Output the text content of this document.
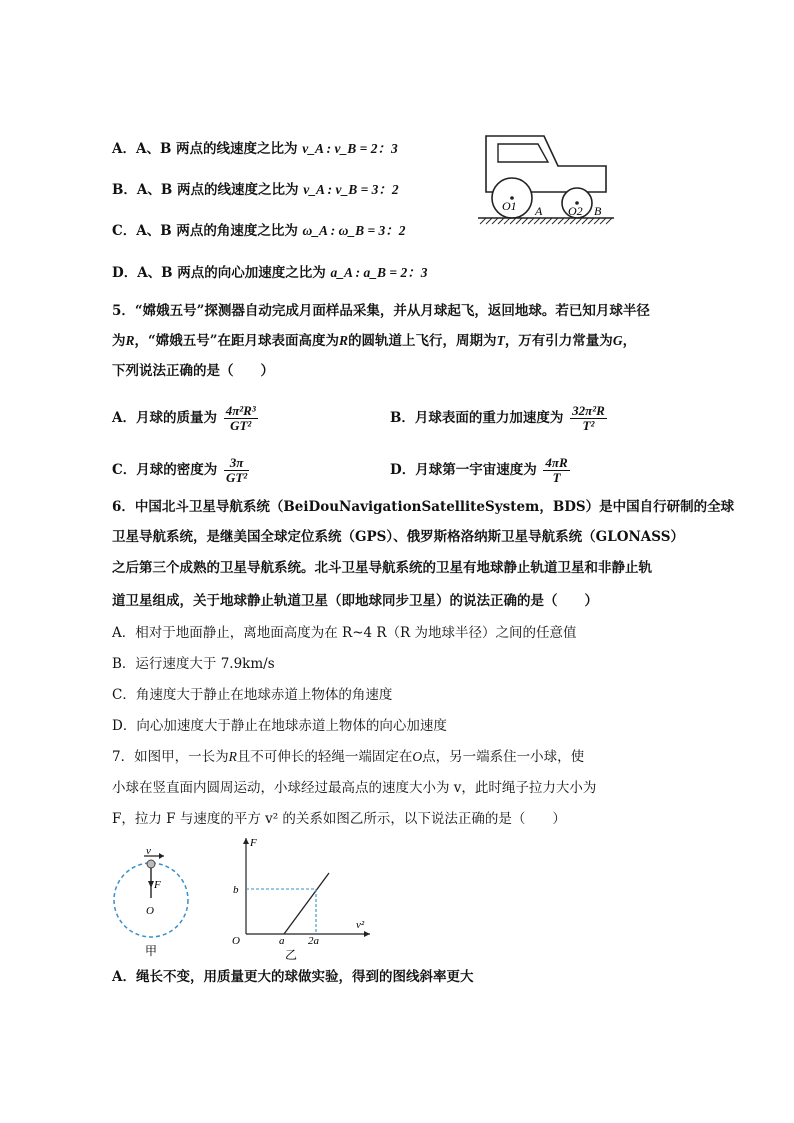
A．A、B 两点的线速度之比为 v_A : v_B = 2：3
B．A、B 两点的线速度之比为 v_A : v_B = 3：2
C．A、B 两点的角速度之比为 ω_A : ω_B = 3：2
D．A、B 两点的向心加速度之比为 a_A : a_B = 2：3
O1 A O2 B
5．“嫦娥五号”探测器自动完成月面样品采集，并从月球起飞，返回地球。若已知月球半径
为R，“嫦娥五号”在距月球表面高度为R的圆轨道上飞行，周期为T，万有引力常量为G，
下列说法正确的是（　　）
A．月球的质量为 $\frac{\text{4π²R³}}{\text{GT²}}$	B．月球表面的重力加速度为 $\frac{\text{32π²R}}{\text{T²}}$
C．月球的密度为 $\frac{3\pi}{\text{GT²}}$	D．月球第一宇宙速度为 $\frac{4\pi R}{T}$
6．中国北斗卫星导航系统（BeiDouNavigationSatelliteSystem，BDS）是中国自行研制的全球
卫星导航系统，是继美国全球定位系统（GPS）、俄罗斯格洛纳斯卫星导航系统（GLONASS）
之后第三个成熟的卫星导航系统。北斗卫星导航系统的卫星有地球静止轨道卫星和非静止轨
道卫星组成，关于地球静止轨道卫星（即地球同步卫星）的说法正确的是（　　）
A．相对于地面静止，离地面高度为在 R~4 R（R 为地球半径）之间的任意值
B．运行速度大于 7.9km/s
C．角速度大于静止在地球赤道上物体的角速度
D．向心加速度大于静止在地球赤道上物体的向心加速度
7．如图甲，一长为R且不可伸长的轻绳一端固定在O点，另一端系住一小球，使
小球在竖直面内圆周运动，小球经过最高点的速度大小为 v，此时绳子拉力大小为
F，拉力 F 与速度的平方 v² 的关系如图乙所示，以下说法正确的是（　　）
v
F
O
甲
F
b
v²
O	a 2a
乙
A．绳长不变，用质量更大的球做实验，得到的图线斜率更大
